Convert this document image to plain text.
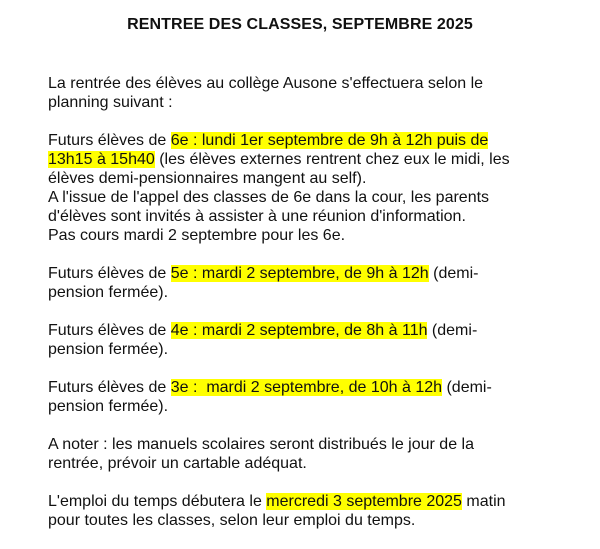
RENTREE DES CLASSES, SEPTEMBRE 2025
La rentrée des élèves au collège Ausone s'effectuera selon le
planning suivant :
Futurs élèves de 6e : lundi 1er septembre de 9h à 12h puis de
13h15 à 15h40 (les élèves externes rentrent chez eux le midi, les
élèves demi-pensionnaires mangent au self).
A l'issue de l'appel des classes de 6e dans la cour, les parents
d'élèves sont invités à assister à une réunion d'information.
Pas cours mardi 2 septembre pour les 6e.
Futurs élèves de 5e : mardi 2 septembre, de 9h à 12h (demi-
pension fermée).
Futurs élèves de 4e : mardi 2 septembre, de 8h à 11h (demi-
pension fermée).
Futurs élèves de 3e :  mardi 2 septembre, de 10h à 12h (demi-
pension fermée).
A noter : les manuels scolaires seront distribués le jour de la
rentrée, prévoir un cartable adéquat.
L'emploi du temps débutera le mercredi 3 septembre 2025 matin
pour toutes les classes, selon leur emploi du temps.
